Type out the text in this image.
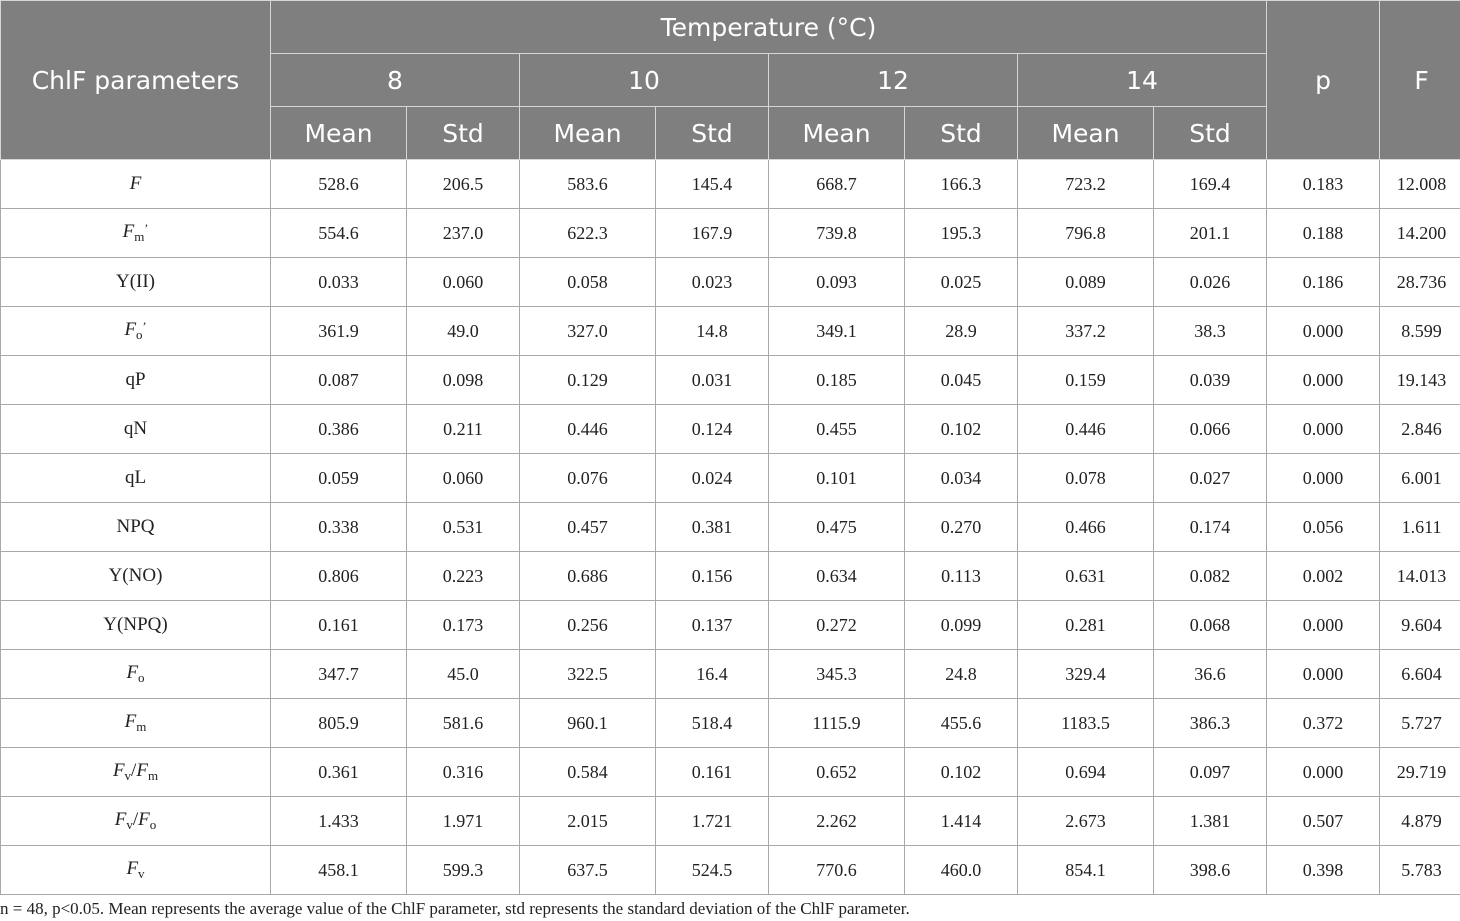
ChlF parameters	Temperature (°C)								p	F
	8		10		12		14			
	Mean	Std	Mean	Std	Mean	Std	Mean	Std		
F	528.6	206.5	583.6	145.4	668.7	166.3	723.2	169.4	0.183	12.008
$F_m^’$	554.6	237.0	622.3	167.9	739.8	195.3	796.8	201.1	0.188	14.200
Y(II)	0.033	0.060	0.058	0.023	0.093	0.025	0.089	0.026	0.186	28.736
$F_o^’$	361.9	49.0	327.0	14.8	349.1	28.9	337.2	38.3	0.000	8.599
qP	0.087	0.098	0.129	0.031	0.185	0.045	0.159	0.039	0.000	19.143
qN	0.386	0.211	0.446	0.124	0.455	0.102	0.446	0.066	0.000	2.846
qL	0.059	0.060	0.076	0.024	0.101	0.034	0.078	0.027	0.000	6.001
NPQ	0.338	0.531	0.457	0.381	0.475	0.270	0.466	0.174	0.056	1.611
Y(NO)	0.806	0.223	0.686	0.156	0.634	0.113	0.631	0.082	0.002	14.013
Y(NPQ)	0.161	0.173	0.256	0.137	0.272	0.099	0.281	0.068	0.000	9.604
$F_o$	347.7	45.0	322.5	16.4	345.3	24.8	329.4	36.6	0.000	6.604
$F_m$	805.9	581.6	960.1	518.4	1115.9	455.6	1183.5	386.3	0.372	5.727
$F_v/F_m$	0.361	0.316	0.584	0.161	0.652	0.102	0.694	0.097	0.000	29.719
$F_v/F_o$	1.433	1.971	2.015	1.721	2.262	1.414	2.673	1.381	0.507	4.879
$F_v$	458.1	599.3	637.5	524.5	770.6	460.0	854.1	398.6	0.398	5.783
n = 48, p<0.05. Mean represents the average value of the ChlF parameter, std represents the standard deviation of the ChlF parameter.
